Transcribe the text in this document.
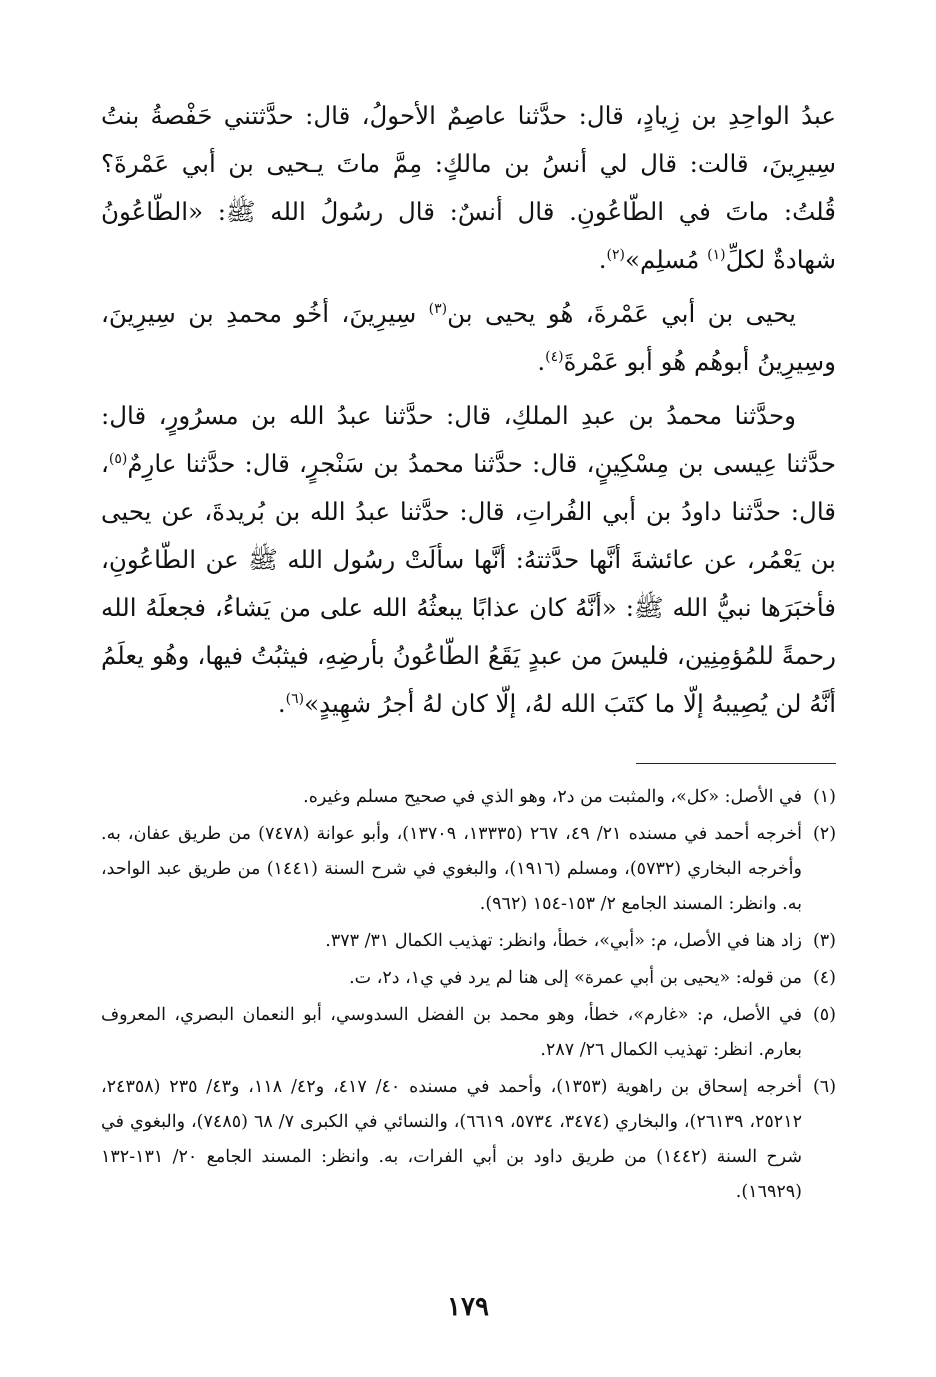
عبدُ الواحِدِ بن زِيادٍ، قال: حدَّثنا عاصِمٌ الأحولُ، قال: حدَّثتني حَفْصةُ بنتُ سِيرِينَ، قالت: قال لي أنسُ بن مالكٍ: مِمَّ ماتَ يـحيى بن أبي عَمْرةَ؟ قُلتُ: ماتَ في الطّاعُونِ. قال أنسٌ: قال رسُولُ الله ﷺ: «الطّاعُونُ شهادةٌ لكلِّ$^{(١)}$ مُسلِم»$^{(٢)}$.

يحيى بن أبي عَمْرةَ، هُو يحيى بن$^{(٣)}$ سِيرِينَ، أخُو محمدِ بن سِيرِينَ، وسِيرِينُ أبوهُم هُو أبو عَمْرةَ$^{(٤)}$.

وحدَّثنا محمدُ بن عبدِ الملكِ، قال: حدَّثنا عبدُ الله بن مسرُورٍ، قال: حدَّثنا عِيسى بن مِسْكِينٍ، قال: حدَّثنا محمدُ بن سَنْجرٍ، قال: حدَّثنا عارِمٌ$^{(٥)}$، قال: حدَّثنا داودُ بن أبي الفُراتِ، قال: حدَّثنا عبدُ الله بن بُريدةَ، عن يحيى بن يَعْمُر، عن عائشةَ أنَّها حدَّثتهُ: أنَّها سألَتْ رسُول الله ﷺ عن الطّاعُونِ، فأخبَرَها نبيُّ الله ﷺ: «أنَّهُ كان عذابًا يبعثُهُ الله على من يَشاءُ، فجعلَهُ الله رحمةً للمُؤمِنِين، فليسَ من عبدٍ يَقَعُ الطّاعُونُ بأرضِهِ، فيثبُتُ فيها، وهُو يعلَمُ أنَّهُ لن يُصِيبهُ إلّا ما كتَبَ الله لهُ، إلّا كان لهُ أجرُ شهِيدٍ»$^{(٦)}$.

(١)في الأصل: «كل»، والمثبت من د٢، وهو الذي في صحيح مسلم وغيره.

(٢)أخرجه أحمد في مسنده ٢١/ ٤٩، ٢٦٧ (١٣٣٣٥، ١٣٧٠٩)، وأبو عوانة (٧٤٧٨) من طريق عفان، به. وأخرجه البخاري (٥٧٣٢)، ومسلم (١٩١٦)، والبغوي في شرح السنة (١٤٤١) من طريق عبد الواحد، به. وانظر: المسند الجامع ٢/ ١٥٣-١٥٤ (٩٦٢).

(٣)زاد هنا في الأصل، م: «أبي»، خطأ، وانظر: تهذيب الكمال ٣١/ ٣٧٣.

(٤)من قوله: «يحيى بن أبي عمرة» إلى هنا لم يرد في ي١، د٢، ت.

(٥)في الأصل، م: «غارم»، خطأ، وهو محمد بن الفضل السدوسي، أبو النعمان البصري، المعروف بعارم. انظر: تهذيب الكمال ٢٦/ ٢٨٧.

(٦)أخرجه إسحاق بن راهوية (١٣٥٣)، وأحمد في مسنده ٤٠/ ٤١٧، و٤٢/ ١١٨، و٤٣/ ٢٣٥ (٢٤٣٥٨، ٢٥٢١٢، ٢٦١٣٩)، والبخاري (٣٤٧٤، ٥٧٣٤، ٦٦١٩)، والنسائي في الكبرى ٧/ ٦٨ (٧٤٨٥)، والبغوي في شرح السنة (١٤٤٢) من طريق داود بن أبي الفرات، به. وانظر: المسند الجامع ٢٠/ ١٣١-١٣٢ (١٦٩٢٩).

١٧٩
